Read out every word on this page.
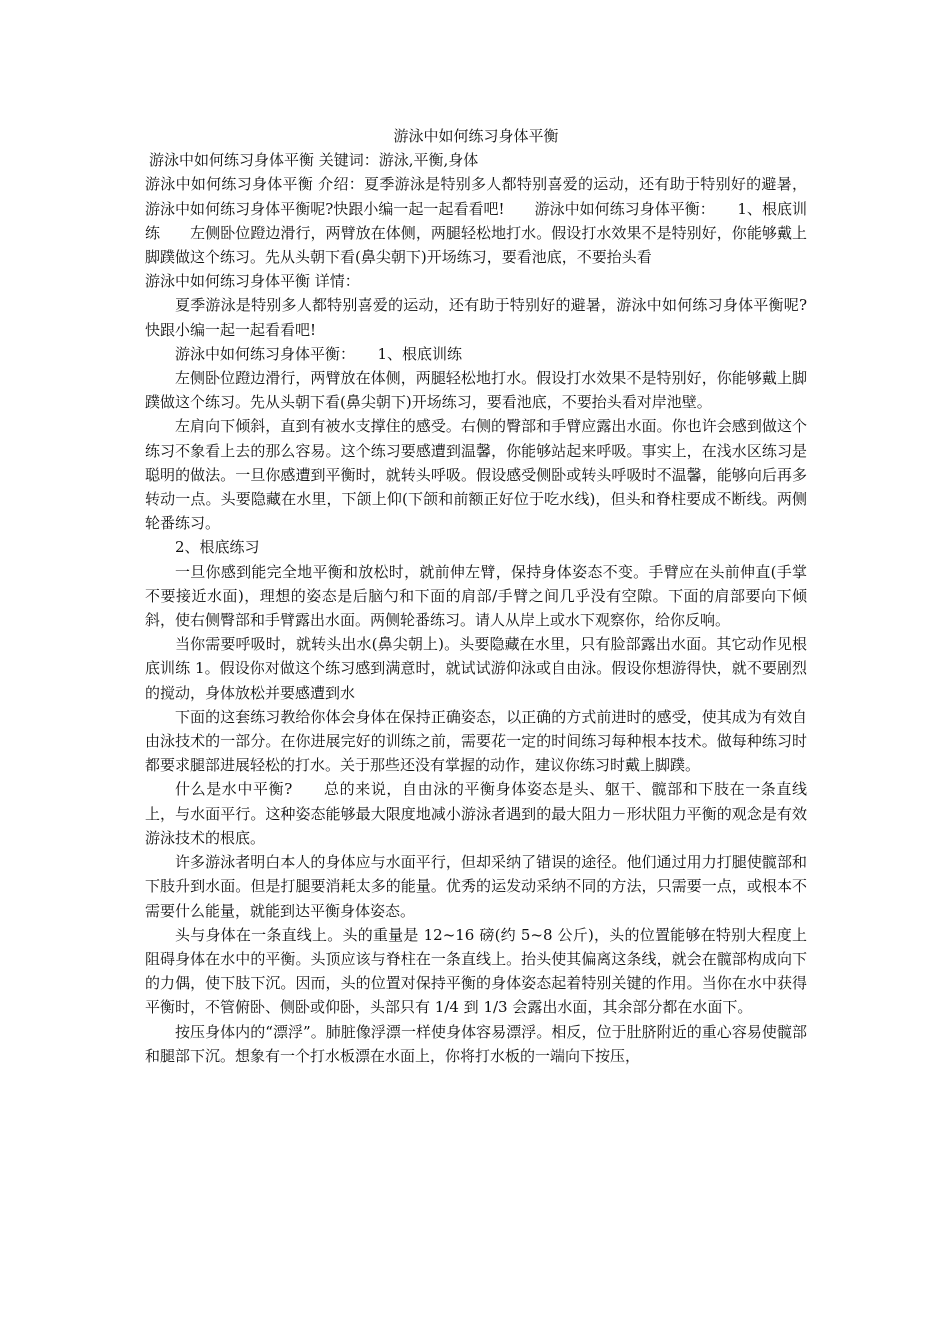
游泳中如何练习身体平衡

游泳中如何练习身体平衡 关键词：游泳,平衡,身体

游泳中如何练习身体平衡 介绍：夏季游泳是特别多人都特别喜爱的运动，还有助于特别好的避暑，游泳中如何练习身体平衡呢?快跟小编一起一起看看吧!　　游泳中如何练习身体平衡：　　1、根底训练　　左侧卧位蹬边滑行，两臂放在体侧，两腿轻松地打水。假设打水效果不是特别好，你能够戴上脚蹼做这个练习。先从头朝下看(鼻尖朝下)开场练习，要看池底，不要抬头看

游泳中如何练习身体平衡 详情：

夏季游泳是特别多人都特别喜爱的运动，还有助于特别好的避暑，游泳中如何练习身体平衡呢?快跟小编一起一起看看吧!

游泳中如何练习身体平衡：　　1、根底训练

左侧卧位蹬边滑行，两臂放在体侧，两腿轻松地打水。假设打水效果不是特别好，你能够戴上脚蹼做这个练习。先从头朝下看(鼻尖朝下)开场练习，要看池底，不要抬头看对岸池壁。

左肩向下倾斜，直到有被水支撑住的感受。右侧的臀部和手臂应露出水面。你也许会感到做这个练习不象看上去的那么容易。这个练习要感遭到温馨，你能够站起来呼吸。事实上，在浅水区练习是聪明的做法。一旦你感遭到平衡时，就转头呼吸。假设感受侧卧或转头呼吸时不温馨，能够向后再多转动一点。头要隐藏在水里，下颌上仰(下颌和前额正好位于吃水线)，但头和脊柱要成不断线。两侧轮番练习。

2、根底练习

一旦你感到能完全地平衡和放松时，就前伸左臂，保持身体姿态不变。手臂应在头前伸直(手掌不要接近水面)，理想的姿态是后脑勺和下面的肩部/手臂之间几乎没有空隙。下面的肩部要向下倾斜，使右侧臀部和手臂露出水面。两侧轮番练习。请人从岸上或水下观察你，给你反响。

当你需要呼吸时，就转头出水(鼻尖朝上)。头要隐藏在水里，只有脸部露出水面。其它动作见根底训练 1。假设你对做这个练习感到满意时，就试试游仰泳或自由泳。假设你想游得快，就不要剧烈的搅动，身体放松并要感遭到水

下面的这套练习教给你体会身体在保持正确姿态，以正确的方式前进时的感受，使其成为有效自由泳技术的一部分。在你进展完好的训练之前，需要花一定的时间练习每种根本技术。做每种练习时都要求腿部进展轻松的打水。关于那些还没有掌握的动作，建议你练习时戴上脚蹼。

什么是水中平衡?　　总的来说，自由泳的平衡身体姿态是头、躯干、髋部和下肢在一条直线上，与水面平行。这种姿态能够最大限度地减小游泳者遇到的最大阻力－形状阻力平衡的观念是有效游泳技术的根底。

许多游泳者明白本人的身体应与水面平行，但却采纳了错误的途径。他们通过用力打腿使髋部和下肢升到水面。但是打腿要消耗太多的能量。优秀的运发动采纳不同的方法，只需要一点，或根本不需要什么能量，就能到达平衡身体姿态。

头与身体在一条直线上。头的重量是 12~16 磅(约 5~8 公斤)，头的位置能够在特别大程度上阻碍身体在水中的平衡。头顶应该与脊柱在一条直线上。抬头使其偏离这条线，就会在髋部构成向下的力偶，使下肢下沉。因而，头的位置对保持平衡的身体姿态起着特别关键的作用。当你在水中获得平衡时，不管俯卧、侧卧或仰卧，头部只有 1/4 到 1/3 会露出水面，其余部分都在水面下。

按压身体内的“漂浮”。肺脏像浮漂一样使身体容易漂浮。相反，位于肚脐附近的重心容易使髋部和腿部下沉。想象有一个打水板漂在水面上，你将打水板的一端向下按压，
